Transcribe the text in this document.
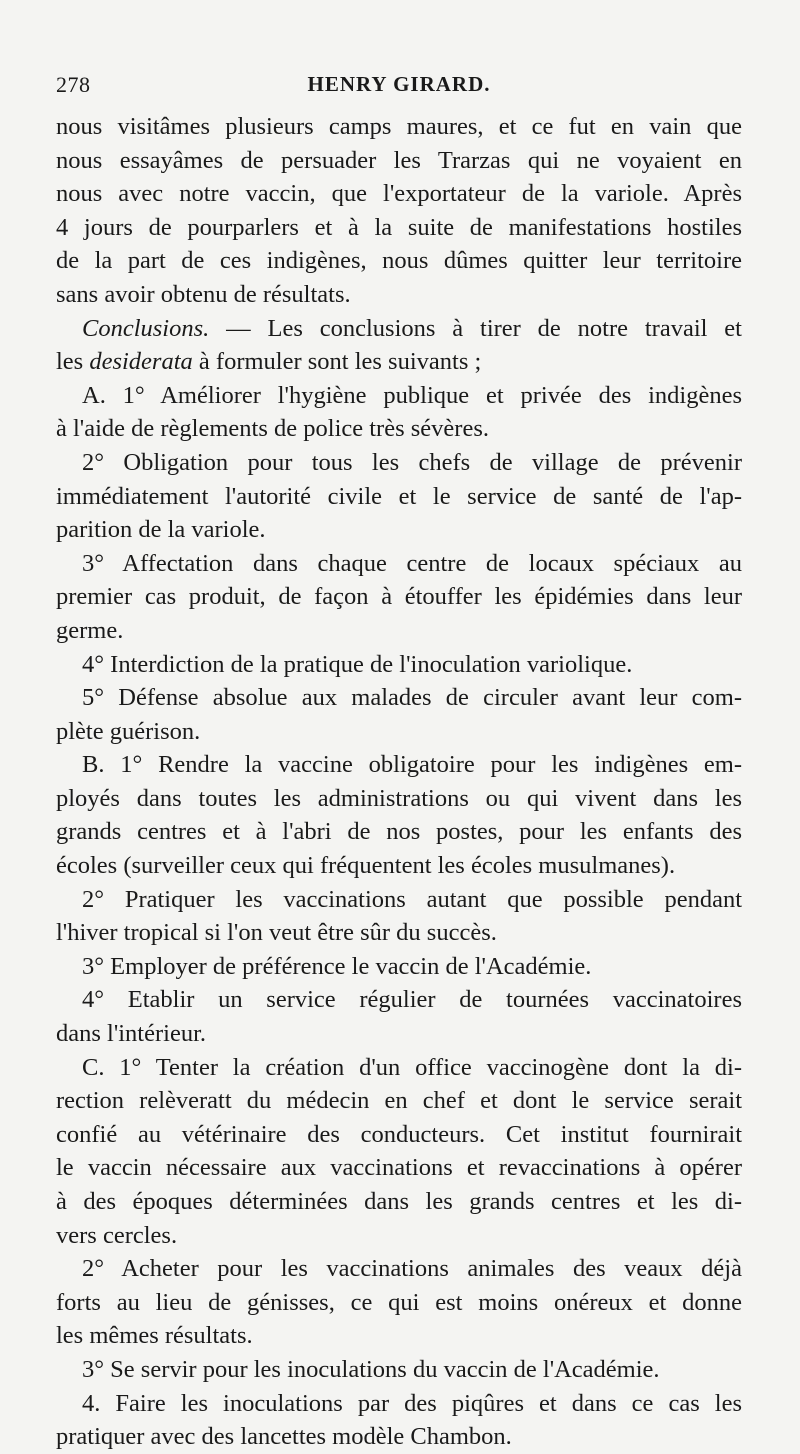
278	HENRY GIRARD.
nous visitâmes plusieurs camps maures, et ce fut en vain que
nous essayâmes de persuader les Trarzas qui ne voyaient en
nous avec notre vaccin, que l'exportateur de la variole. Après
4 jours de pourparlers et à la suite de manifestations hostiles
de la part de ces indigènes, nous dûmes quitter leur territoire
sans avoir obtenu de résultats.
Conclusions. — Les conclusions à tirer de notre travail et
les desiderata à formuler sont les suivants ;
A. 1° Améliorer l'hygiène publique et privée des indigènes
à l'aide de règlements de police très sévères.
2° Obligation pour tous les chefs de village de prévenir
immédiatement l'autorité civile et le service de santé de l'ap-
parition de la variole.
3° Affectation dans chaque centre de locaux spéciaux au
premier cas produit, de façon à étouffer les épidémies dans leur
germe.
4° Interdiction de la pratique de l'inoculation variolique.
5° Défense absolue aux malades de circuler avant leur com-
plète guérison.
B. 1° Rendre la vaccine obligatoire pour les indigènes em-
ployés dans toutes les administrations ou qui vivent dans les
grands centres et à l'abri de nos postes, pour les enfants des
écoles (surveiller ceux qui fréquentent les écoles musulmanes).
2° Pratiquer les vaccinations autant que possible pendant
l'hiver tropical si l'on veut être sûr du succès.
3° Employer de préférence le vaccin de l'Académie.
4° Etablir un service régulier de tournées vaccinatoires
dans l'intérieur.
C. 1° Tenter la création d'un office vaccinogène dont la di-
rection relèveratt du médecin en chef et dont le service serait
confié au vétérinaire des conducteurs. Cet institut fournirait
le vaccin nécessaire aux vaccinations et revaccinations à opérer
à des époques déterminées dans les grands centres et les di-
vers cercles.
2° Acheter pour les vaccinations animales des veaux déjà
forts au lieu de génisses, ce qui est moins onéreux et donne
les mêmes résultats.
3° Se servir pour les inoculations du vaccin de l'Académie.
4. Faire les inoculations par des piqûres et dans ce cas les
pratiquer avec des lancettes modèle Chambon.
